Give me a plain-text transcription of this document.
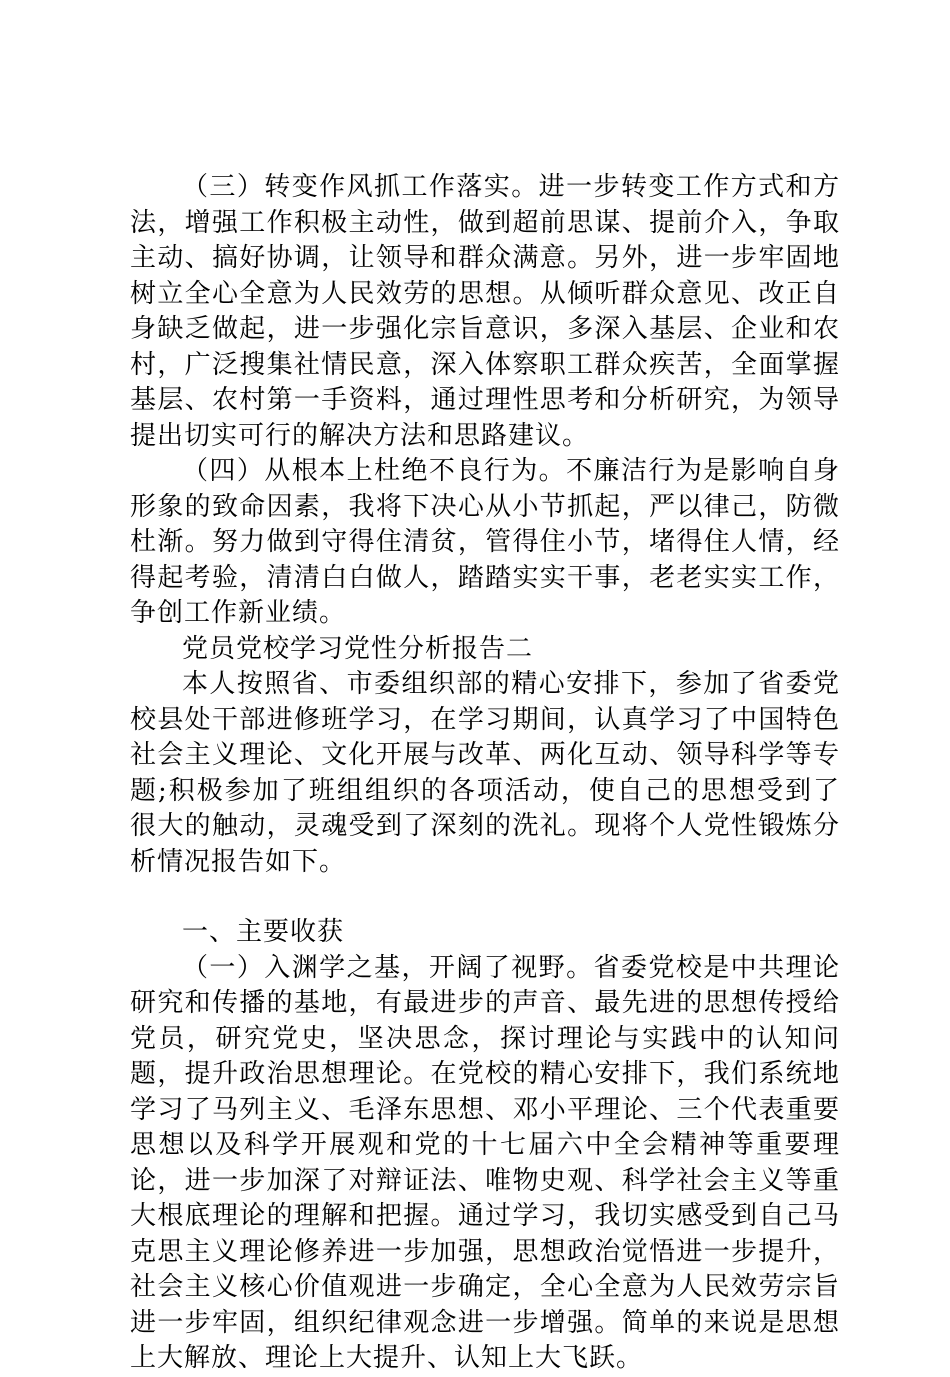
（三）转变作风抓工作落实。进一步转变工作方式和方法，增强工作积极主动性，做到超前思谋、提前介入，争取主动、搞好协调，让领导和群众满意。另外，进一步牢固地树立全心全意为人民效劳的思想。从倾听群众意见、改正自身缺乏做起，进一步强化宗旨意识，多深入基层、企业和农村，广泛搜集社情民意，深入体察职工群众疾苦，全面掌握基层、农村第一手资料，通过理性思考和分析研究，为领导提出切实可行的解决方法和思路建议。

（四）从根本上杜绝不良行为。不廉洁行为是影响自身形象的致命因素，我将下决心从小节抓起，严以律己，防微杜渐。努力做到守得住清贫，管得住小节，堵得住人情，经得起考验，清清白白做人，踏踏实实干事，老老实实工作，争创工作新业绩。

党员党校学习党性分析报告二

本人按照省、市委组织部的精心安排下，参加了省委党校县处干部进修班学习，在学习期间，认真学习了中国特色社会主义理论、文化开展与改革、两化互动、领导科学等专题;积极参加了班组组织的各项活动，使自己的思想受到了很大的触动，灵魂受到了深刻的洗礼。现将个人党性锻炼分析情况报告如下。

一、主要收获

（一）入渊学之基，开阔了视野。省委党校是中共理论研究和传播的基地，有最进步的声音、最先进的思想传授给党员，研究党史，坚决思念，探讨理论与实践中的认知问题，提升政治思想理论。在党校的精心安排下，我们系统地学习了马列主义、毛泽东思想、邓小平理论、三个代表重要思想以及科学开展观和党的十七届六中全会精神等重要理论，进一步加深了对辩证法、唯物史观、科学社会主义等重大根底理论的理解和把握。通过学习，我切实感受到自己马克思主义理论修养进一步加强，思想政治觉悟进一步提升，社会主义核心价值观进一步确定，全心全意为人民效劳宗旨进一步牢固，组织纪律观念进一步增强。简单的来说是思想上大解放、理论上大提升、认知上大飞跃。
